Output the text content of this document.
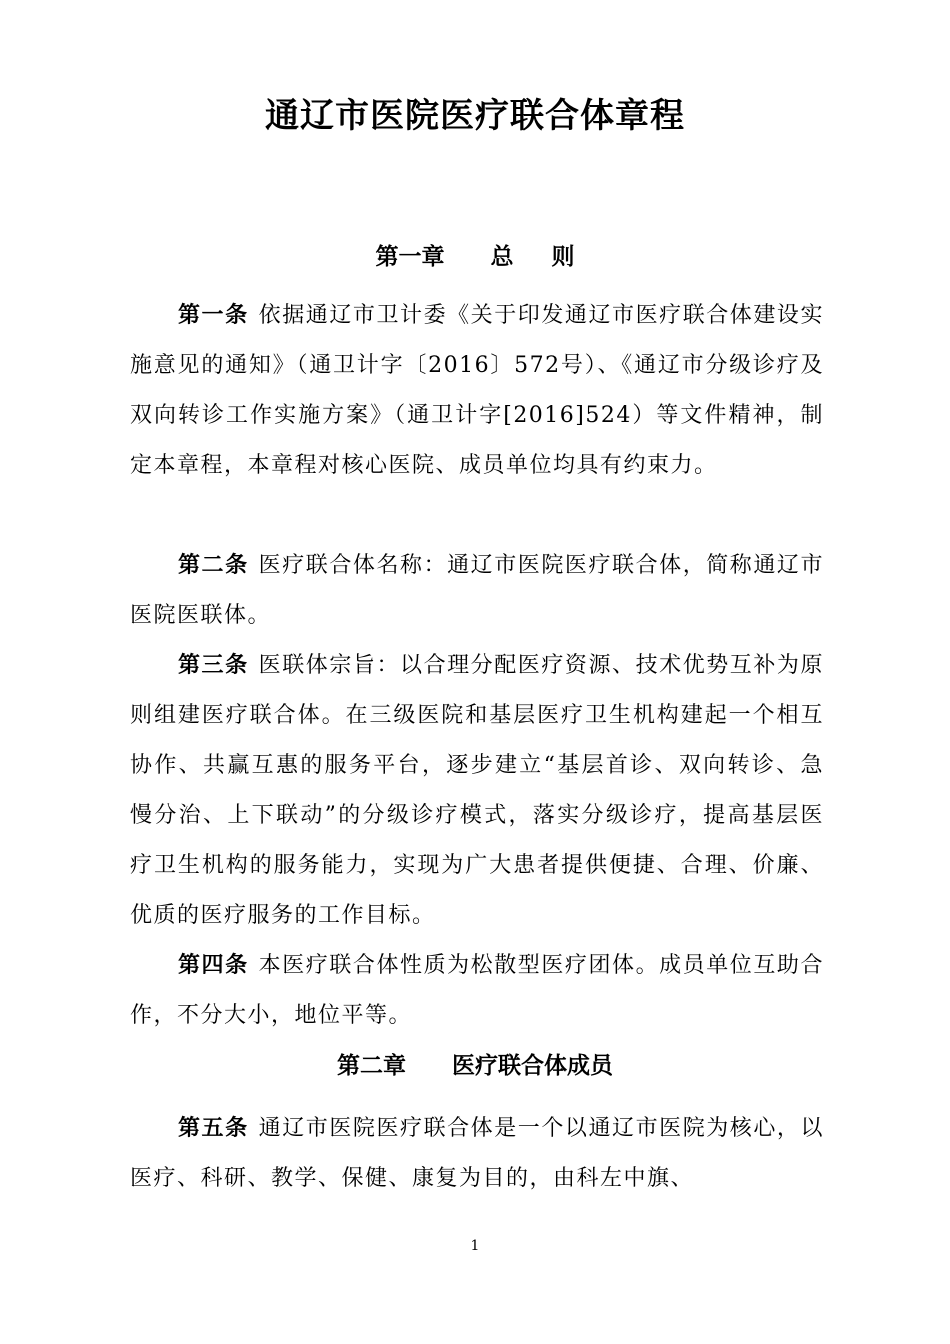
通辽市医院医疗联合体章程
第一章 总则

第一条 依据通辽市卫计委《关于印发通辽市医疗联合体建设实施意见的通知》（通卫计字〔2016〕572号）、《通辽市分级诊疗及双向转诊工作实施方案》（通卫计字[2016]524）等文件精神，制定本章程，本章程对核心医院、成员单位均具有约束力。

第二条 医疗联合体名称：通辽市医院医疗联合体，简称通辽市医院医联体。

第三条 医联体宗旨：以合理分配医疗资源、技术优势互补为原则组建医疗联合体。在三级医院和基层医疗卫生机构建起一个相互协作、共赢互惠的服务平台，逐步建立“基层首诊、双向转诊、急慢分治、上下联动”的分级诊疗模式，落实分级诊疗，提高基层医疗卫生机构的服务能力，实现为广大患者提供便捷、合理、价廉、优质的医疗服务的工作目标。

第四条 本医疗联合体性质为松散型医疗团体。成员单位互助合作，不分大小，地位平等。

第二章 医疗联合体成员

第五条 通辽市医院医疗联合体是一个以通辽市医院为核心，以医疗、科研、教学、保健、康复为目的，由科左中旗、

1
